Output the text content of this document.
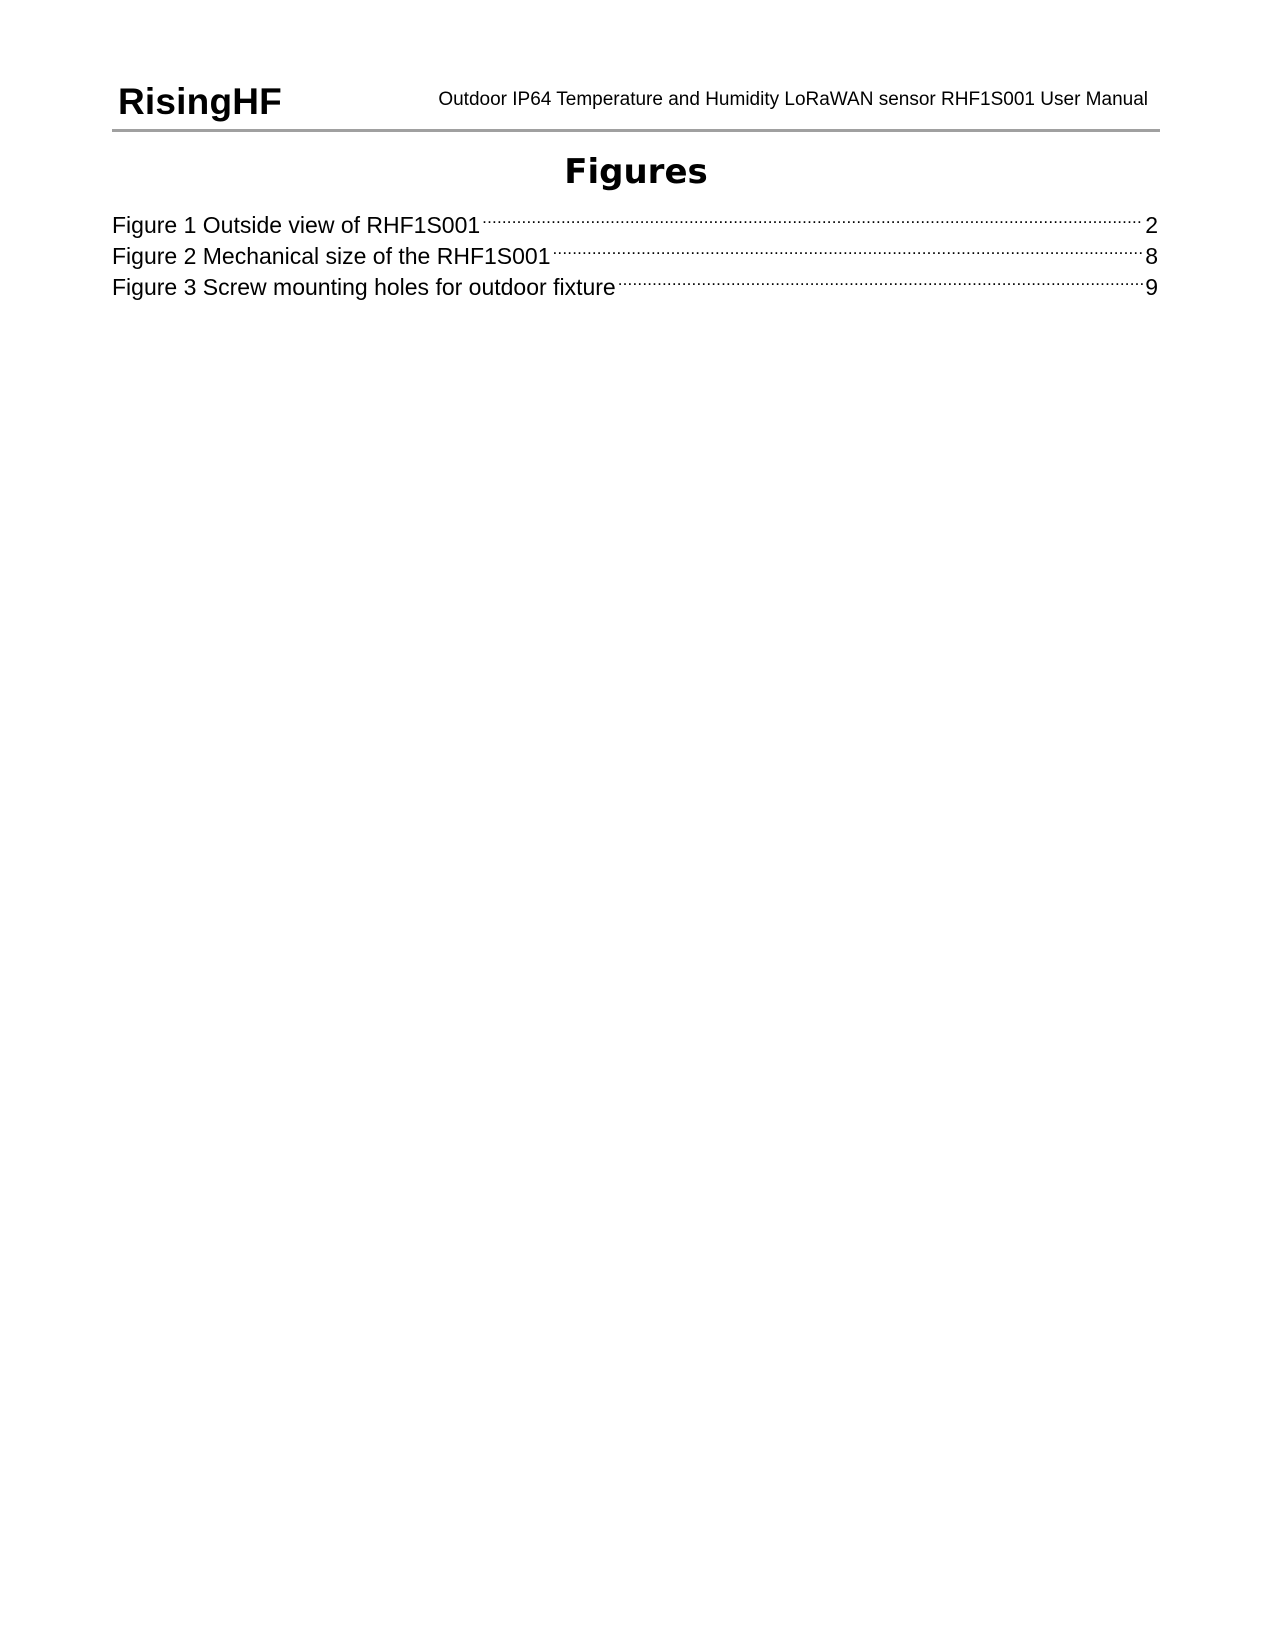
RisingHF	Outdoor IP64 Temperature and Humidity LoRaWAN sensor RHF1S001 User Manual
Figures
Figure 1 Outside view of RHF1S001 .....	2
Figure 2 Mechanical size of the RHF1S001 .....	8
Figure 3 Screw mounting holes for outdoor fixture .....	9
